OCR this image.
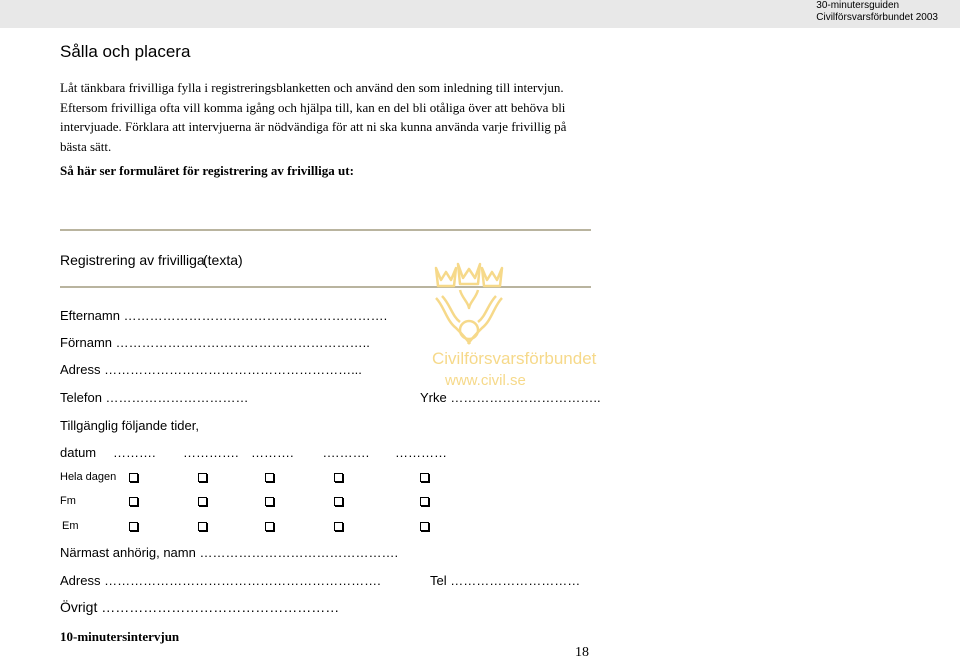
30-minutersguiden
Civilförsvarsförbundet 2003
Sålla och placera

Låt tänkbara frivilliga fylla i registreringsblanketten och använd den som inledning till intervjun.

Eftersom frivilliga ofta vill komma igång och hjälpa till, kan en del bli otåliga över att behöva bli intervjuade. Förklara att intervjuerna är nödvändiga för att ni ska kunna använda varje frivillig på bästa sätt.

Så här ser formuläret för registrering av frivilliga ut:
Registrering av frivilliga
(texta)
Civilförsvarsförbundet
www.civil.se
Efternamn …………………………………………………….
Förnamn …………………………………………………..
Adress …………………………………………………...
Telefon ……………………………	Yrke ……………………………..
Tillgänglig följande tider,
datum ………. …………. ………. .………. …………
Hela dagen
Fm
Em
Närmast anhörig, namn ……………………………………….
Adress ……………………………………………………….	Tel …………………………
Övrigt ……………………………………………
10-minutersintervjun
18
